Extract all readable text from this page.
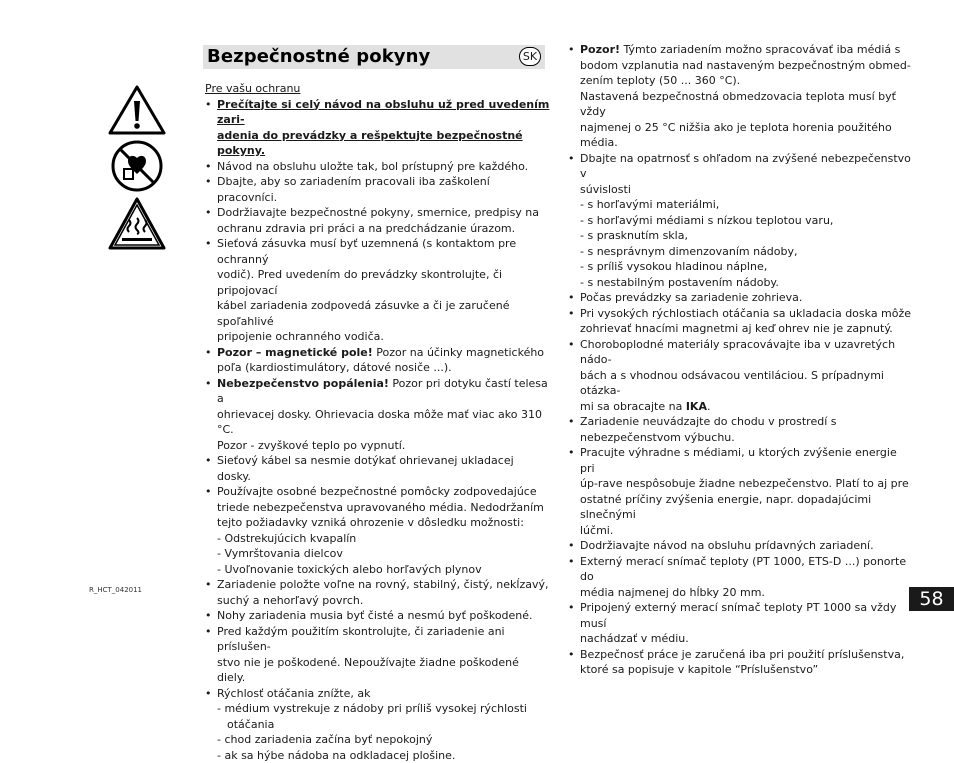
Bezpečnostné pokyny	SK
Pre vašu ochranu
• Prečítajte si celý návod na obsluhu už pred uvedením zari-
adenia do prevádzky a rešpektujte bezpečnostné pokyny.
• Návod na obsluhu uložte tak, bol prístupný pre každého.
• Dbajte, aby so zariadením pracovali iba zaškolení pracovníci.
• Dodržiavajte bezpečnostné pokyny, smernice, predpisy na
ochranu zdravia pri práci a na predchádzanie úrazom.
• Sieťová zásuvka musí byť uzemnená (s kontaktom pre ochranný
vodič). Pred uvedením do prevádzky skontrolujte, či pripojovací
kábel zariadenia zodpovedá zásuvke a či je zaručené spoľahlivé
pripojenie ochranného vodiča.
• Pozor – magnetické pole! Pozor na účinky magnetického
poľa (kardiostimulátory, dátové nosiče ...).
• Nebezpečenstvo popálenia! Pozor pri dotyku častí telesa a
ohrievacej dosky. Ohrievacia doska môže mať viac ako 310 °C.
Pozor - zvyškové teplo po vypnutí.
• Sieťový kábel sa nesmie dotýkať ohrievanej ukladacej dosky.
• Používajte osobné bezpečnostné pomôcky zodpovedajúce
triede nebezpečenstva upravovaného média. Nedodržaním
tejto požiadavky vzniká ohrozenie v dôsledku možnosti:
- Odstrekujúcich kvapalín
- Vymrštovania dielcov
- Uvoľnovanie toxických alebo horľavých plynov
• Zariadenie položte voľne na rovný, stabilný, čistý, nekĺzavý,
suchý a nehorľavý povrch.
• Nohy zariadenia musia byť čisté a nesmú byť poškodené.
• Pred každým použitím skontrolujte, či zariadenie ani príslušen-
stvo nie je poškodené. Nepoužívajte žiadne poškodené diely.
• Rýchlosť otáčania znížte, ak
- médium vystrekuje z nádoby pri príliš vysokej rýchlosti
otáčania
- chod zariadenia začína byť nepokojný
- ak sa hýbe nádoba na odkladacej plošine.
• Pozor! Týmto zariadením možno spracovávať iba médiá s
bodom vzplanutia nad nastaveným bezpečnostným obmed-
zením teploty (50 ... 360 °C).
Nastavená bezpečnostná obmedzovacia teplota musí byť vždy
najmenej o 25 °C nižšia ako je teplota horenia použitého
média.
• Dbajte na opatrnosť s ohľadom na zvýšené nebezpečenstvo v
súvislosti
- s horľavými materiálmi,
- s horľavými médiami s nízkou teplotou varu,
- s prasknutím skla,
- s nesprávnym dimenzovaním nádoby,
- s príliš vysokou hladinou náplne,
- s nestabilným postavením nádoby.
• Počas prevádzky sa zariadenie zohrieva.
• Pri vysokých rýchlostiach otáčania sa ukladacia doska môže
zohrievať hnacími magnetmi aj keď ohrev nie je zapnutý.
• Choroboplodné materiály spracovávajte iba v uzavretých nádo-
bách a s vhodnou odsávacou ventiláciou. S prípadnymi otázka-
mi sa obracajte na IKA.
• Zariadenie neuvádzajte do chodu v prostredí s
nebezpečenstvom výbuchu.
• Pracujte výhradne s médiami, u ktorých zvýšenie energie pri
úp-rave nespôsobuje žiadne nebezpečenstvo. Platí to aj pre
ostatné príčiny zvýšenia energie, napr. dopadajúcimi slnečnými
lúčmi.
• Dodržiavajte návod na obsluhu prídavných zariadení.
• Externý merací snímač teploty (PT 1000, ETS-D ...) ponorte do
média najmenej do hĺbky 20 mm.
• Pripojený externý merací snímač teploty PT 1000 sa vždy musí
nachádzať v médiu.
• Bezpečnosť práce je zaručená iba pri použití príslušenstva,
ktoré sa popisuje v kapitole “Príslušenstvo”
R_HCT_042011	58
